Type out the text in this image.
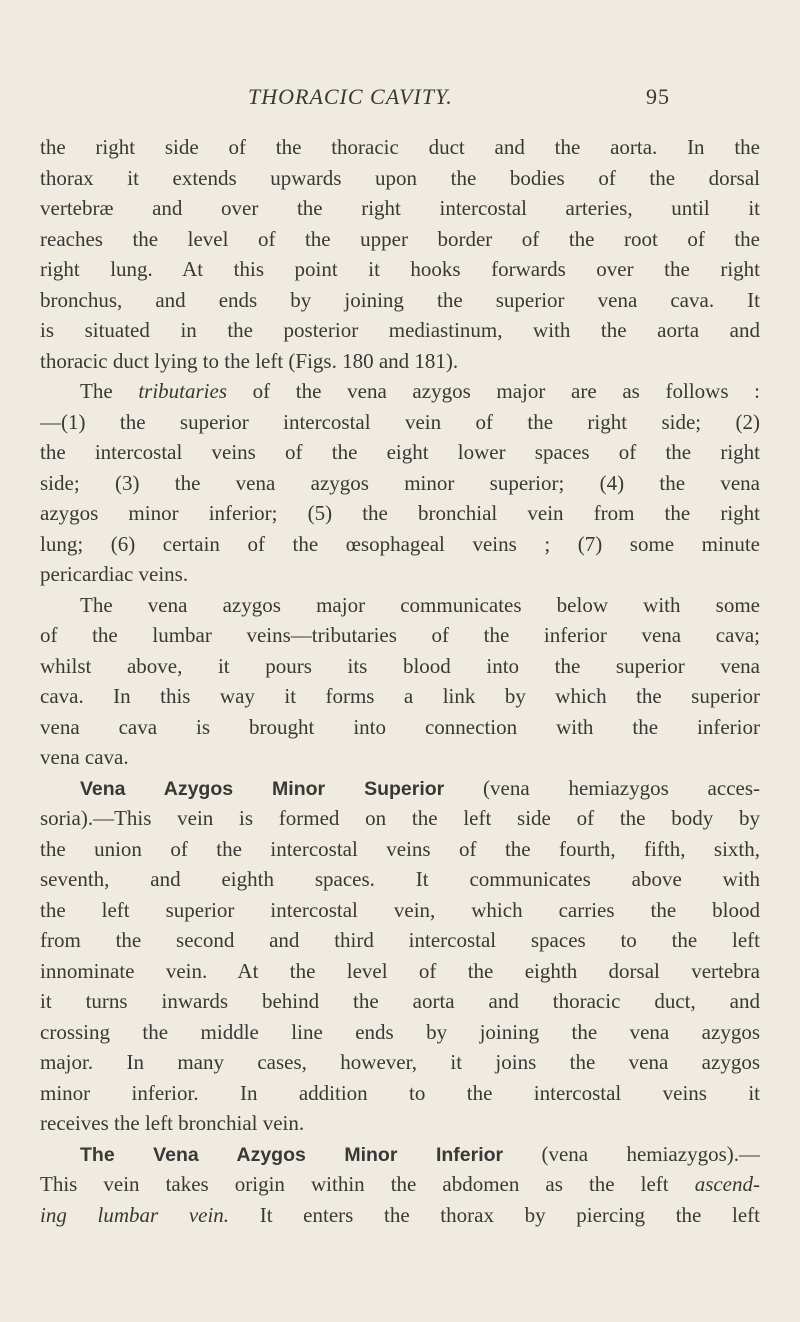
THORACIC CAVITY.	95
the right side of the thoracic duct and the aorta. In the
thorax it extends upwards upon the bodies of the dorsal
vertebræ and over the right intercostal arteries, until it
reaches the level of the upper border of the root of the
right lung. At this point it hooks forwards over the right
bronchus, and ends by joining the superior vena cava. It
is situated in the posterior mediastinum, with the aorta and
thoracic duct lying to the left (Figs. 180 and 181).
The tributaries of the vena azygos major are as follows :
—(1) the superior intercostal vein of the right side; (2)
the intercostal veins of the eight lower spaces of the right
side; (3) the vena azygos minor superior; (4) the vena
azygos minor inferior; (5) the bronchial vein from the right
lung; (6) certain of the œsophageal veins ; (7) some minute
pericardiac veins.
The vena azygos major communicates below with some
of the lumbar veins—tributaries of the inferior vena cava;
whilst above, it pours its blood into the superior vena
cava. In this way it forms a link by which the superior
vena cava is brought into connection with the inferior
vena cava.
Vena Azygos Minor Superior (vena hemiazygos acces-
soria).—This vein is formed on the left side of the body by
the union of the intercostal veins of the fourth, fifth, sixth,
seventh, and eighth spaces. It communicates above with
the left superior intercostal vein, which carries the blood
from the second and third intercostal spaces to the left
innominate vein. At the level of the eighth dorsal vertebra
it turns inwards behind the aorta and thoracic duct, and
crossing the middle line ends by joining the vena azygos
major. In many cases, however, it joins the vena azygos
minor inferior. In addition to the intercostal veins it
receives the left bronchial vein.
The Vena Azygos Minor Inferior (vena hemiazygos).—
This vein takes origin within the abdomen as the left ascend-
ing lumbar vein. It enters the thorax by piercing the left
